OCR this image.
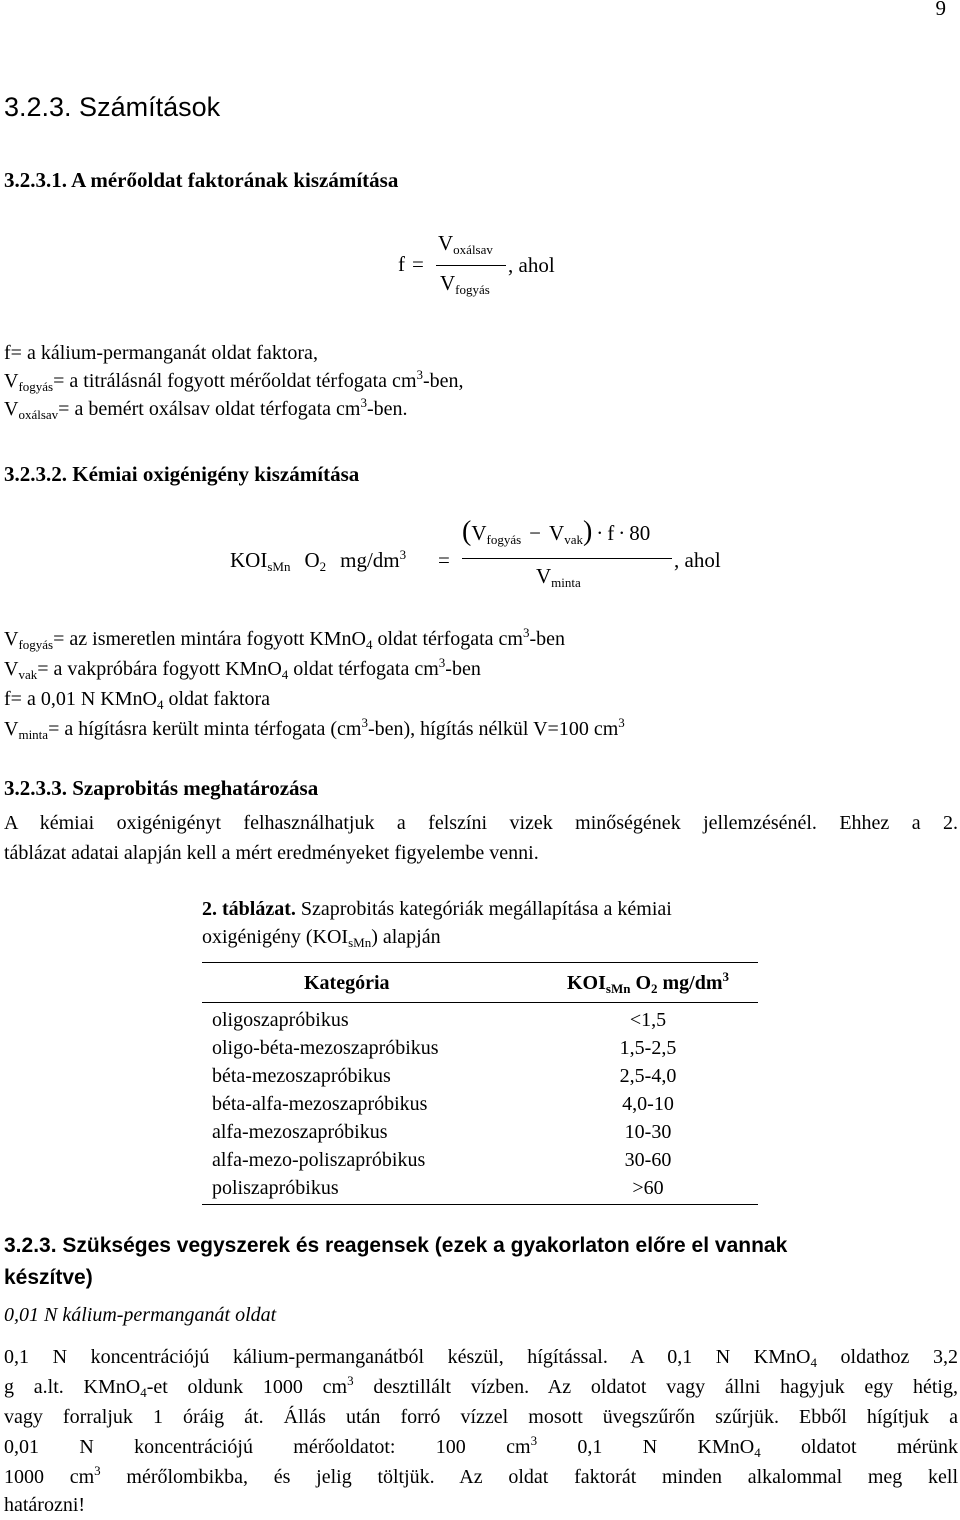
9
3.2.3. Számítások
3.2.3.1. A mérőoldat faktorának kiszámítása
f =
$V_{oxálsav}$
$V_{fogyás}$
, ahol
f= a kálium-permanganát oldat faktora,
$V_{fogyás}= a$ titrálásnál fogyott mérőoldat térfogata $cm^3$-ben,
$V_{oxálsav}= a$ bemért oxálsav oldat térfogata $cm^3$-ben.
3.2.3.2. Kémiai oxigénigény kiszámítása
$KOI_{sMn}$ $O_2$ $mg/dm^3$ =
$(V_{fogyás} - V_{vak}) \cdot f \cdot 80$
$V_{minta}$
, ahol
$V_{fogyás}=$ az ismeretlen mintára fogyott KMnO$_4$ oldat térfogata $cm^3$-ben
$V_{vak}= a$ vakpróbára fogyott KMnO$_4$ oldat térfogata $cm^3$-ben
f= a 0,01 N KMnO$_4$ oldat faktora
$V_{minta}= a$ hígításra került minta térfogata $(cm^3-ben)$, hígítás nélkül V=100 $cm^3$
3.2.3.3. Szaprobitás meghatározása
A kémiai oxigénigényt felhasználhatjuk a felszíni vizek minőségének jellemzésénél. Ehhez a 2.
táblázat adatai alapján kell a mért eredményeket figyelembe venni.
2. táblázat. Szaprobitás kategóriák megállapítása a kémiai
oxigénigény $(KOI_{sMn})$ alapján
Kategória	$KOI_{sMn}$ $O_2$ $mg/dm^3$
oligoszapróbikus	<1,5
oligo-béta-mezoszapróbikus	1,5-2,5
béta-mezoszapróbikus	2,5-4,0
béta-alfa-mezoszapróbikus	4,0-10
alfa-mezoszapróbikus	10-30
alfa-mezo-poliszapróbikus	30-60
poliszapróbikus	>60
3.2.3. Szükséges vegyszerek és reagensek (ezek a gyakorlaton előre el vannak
készítve)
0,01 N kálium-permanganát oldat
0,1 N koncentrációjú kálium-permanganátból készül, hígítással. A 0,1 N KMnO$_4$ oldathoz 3,2
g a.lt. KMnO$_4$-et oldunk 1000 $cm^3$ desztillált vízben. Az oldatot vagy állni hagyjuk egy hétig,
vagy forraljuk 1 óráig át. Állás után forró vízzel mosott üvegszűrőn szűrjük. Ebből hígítjuk a
0,01 N koncentrációjú mérőoldatot: 100 $cm^3$ 0,1 N KMnO$_4$ oldatot mérünk
1000 $cm^3$ mérőlombikba, és jelig töltjük. Az oldat faktorát minden alkalommal meg kell
határozni!
